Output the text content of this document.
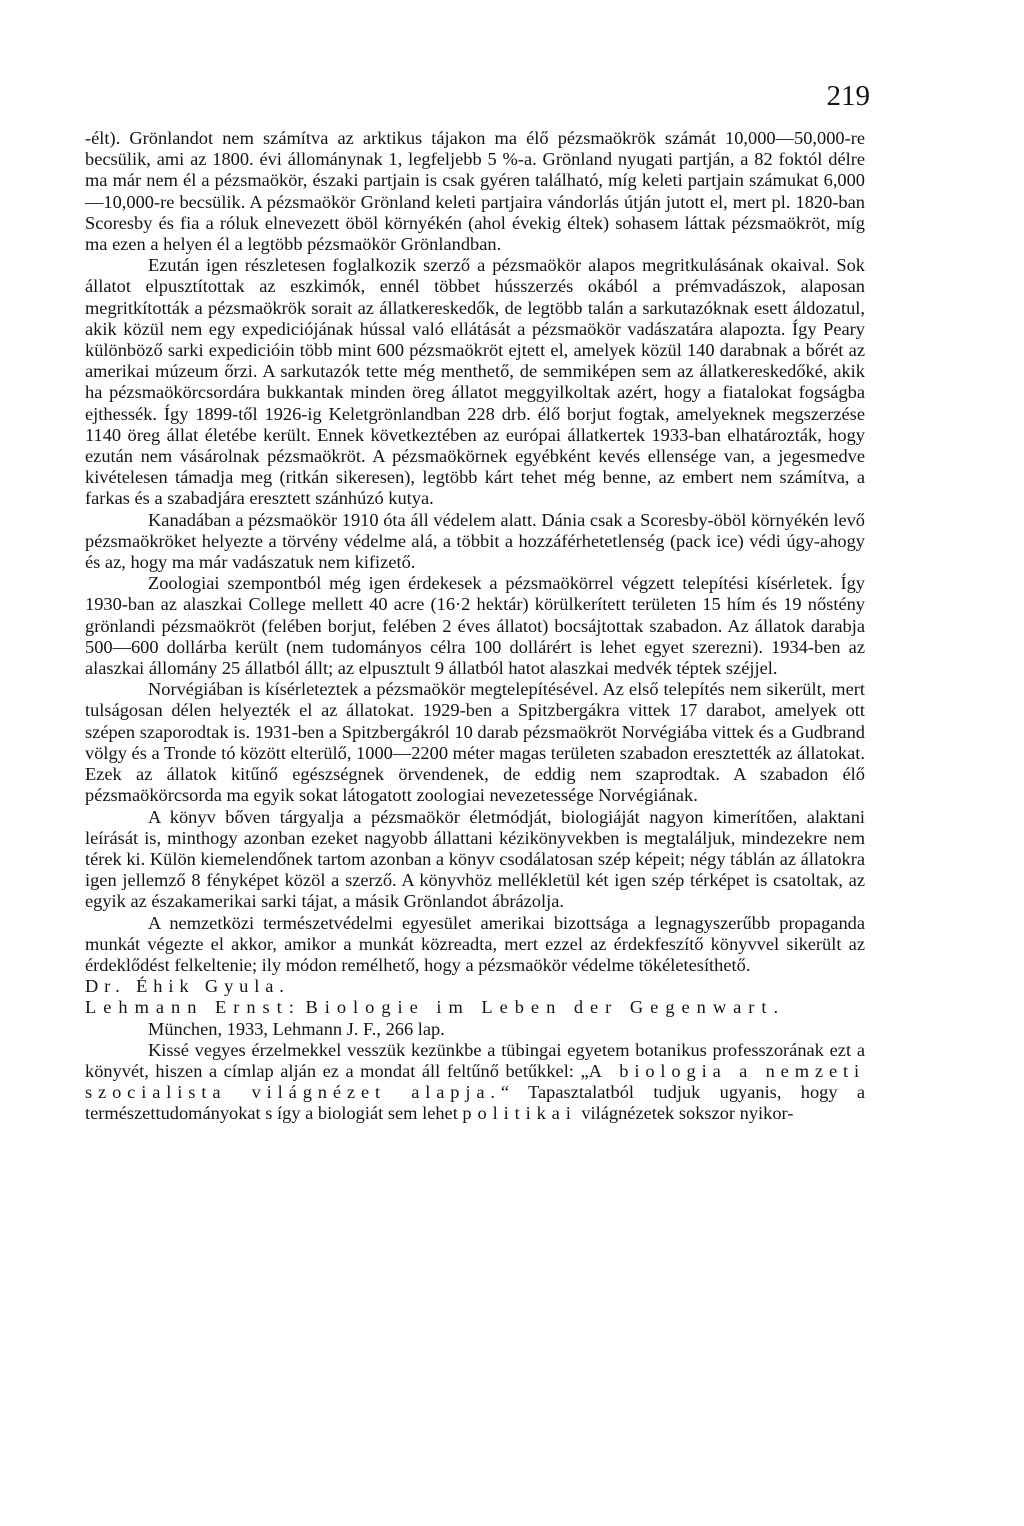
219

-élt). Grönlandot nem számítva az arktikus tájakon ma élő pézsmaökrök számát 10,000—50,000-re becsülik, ami az 1800. évi állománynak 1, legfeljebb 5 %-a. Grönland nyugati partján, a 82 foktól délre ma már nem él a pézsmaökör, északi partjain is csak gyéren található, míg keleti partjain számukat 6,000—10,000-re becsülik. A pézsmaökör Grönland keleti partjaira vándorlás útján jutott el, mert pl. 1820-ban Scoresby és fia a róluk elnevezett öböl környékén (ahol évekig éltek) sohasem láttak pézsmaökröt, míg ma ezen a helyen él a legtöbb pézsmaökör Grönlandban.

Ezután igen részletesen foglalkozik szerző a pézsmaökör alapos megritkulásának okaival. Sok állatot elpusztítottak az eszkimók, ennél többet hússzerzés okából a prémvadászok, alaposan megritkították a pézsmaökrök sorait az állatkereskedők, de legtöbb talán a sarkutazóknak esett áldozatul, akik közül nem egy expediciójának hússal való ellátását a pézsmaökör vadászatára alapozta. Így Peary különböző sarki expedicióin több mint 600 pézsmaökröt ejtett el, amelyek közül 140 darabnak a bőrét az amerikai múzeum őrzi. A sarkutazók tette még menthető, de semmiképen sem az állatkereskedőké, akik ha pézsmaökörcsordára bukkantak minden öreg állatot meggyilkoltak azért, hogy a fiatalokat fogságba ejthessék. Így 1899-től 1926-ig Keletgrönlandban 228 drb. élő borjut fogtak, amelyeknek megszerzése 1140 öreg állat életébe került. Ennek következtében az európai állatkertek 1933-ban elhatározták, hogy ezután nem vásárolnak pézsmaökröt. A pézsmaökörnek egyébként kevés ellensége van, a jegesmedve kivételesen támadja meg (ritkán sikeresen), legtöbb kárt tehet még benne, az embert nem számítva, a farkas és a szabadjára eresztett szánhúzó kutya.

Kanadában a pézsmaökör 1910 óta áll védelem alatt. Dánia csak a Scoresby-öböl környékén levő pézsmaökröket helyezte a törvény védelme alá, a többit a hozzáférhetetlenség (pack ice) védi úgy-ahogy és az, hogy ma már vadászatuk nem kifizető.

Zoologiai szempontból még igen érdekesek a pézsmaökörrel végzett telepítési kísérletek. Így 1930-ban az alaszkai College mellett 40 acre (16·2 hektár) körülkerített területen 15 hím és 19 nőstény grönlandi pézsmaökröt (felében borjut, felében 2 éves állatot) bocsájtottak szabadon. Az állatok darabja 500—600 dollárba került (nem tudományos célra 100 dollárért is lehet egyet szerezni). 1934-ben az alaszkai állomány 25 állatból állt; az elpusztult 9 állatból hatot alaszkai medvék téptek széjjel.

Norvégiában is kísérleteztek a pézsmaökör megtelepítésével. Az első telepítés nem sikerült, mert tulságosan délen helyezték el az állatokat. 1929-ben a Spitzbergákra vittek 17 darabot, amelyek ott szépen szaporodtak is. 1931-ben a Spitzbergákról 10 darab pézsmaökröt Norvégiába vittek és a Gudbrand völgy és a Tronde tó között elterülő, 1000—2200 méter magas területen szabadon eresztették az állatokat. Ezek az állatok kitűnő egészségnek örvendenek, de eddig nem szaprodtak. A szabadon élő pézsmaökörcsorda ma egyik sokat látogatott zoologiai nevezetessége Norvégiának.

A könyv bőven tárgyalja a pézsmaökör életmódját, biologiáját nagyon kimerítően, alaktani leírását is, minthogy azonban ezeket nagyobb állattani kézikönyvekben is megtaláljuk, mindezekre nem térek ki. Külön kiemelendőnek tartom azonban a könyv csodálatosan szép képeit; négy táblán az állatokra igen jellemző 8 fényképet közöl a szerző. A könyvhöz mellékletül két igen szép térképet is csatoltak, az egyik az északamerikai sarki tájat, a másik Grönlandot ábrázolja.

A nemzetközi természetvédelmi egyesület amerikai bizottsága a legnagyszerűbb propaganda munkát végezte el akkor, amikor a munkát közreadta, mert ezzel az érdekfeszítő könyvvel sikerült az érdeklődést felkeltenie; ily módon remélhető, hogy a pézsmaökör védelme tökéletesíthető.

Dr. Éhik Gyula.

Lehmann Ernst: Biologie im Leben der Gegenwart.

München, 1933, Lehmann J. F., 266 lap.

Kissé vegyes érzelmekkel vesszük kezünkbe a tübingai egyetem botanikus professzorának ezt a könyvét, hiszen a címlap alján ez a mondat áll feltűnő betűkkel: „A biologia a nemzeti szocialista világnézet alapja.“ Tapasztalatból tudjuk ugyanis, hogy a természettudományokat s így a biologiát sem lehet politikai világnézetek sokszor nyikor-
